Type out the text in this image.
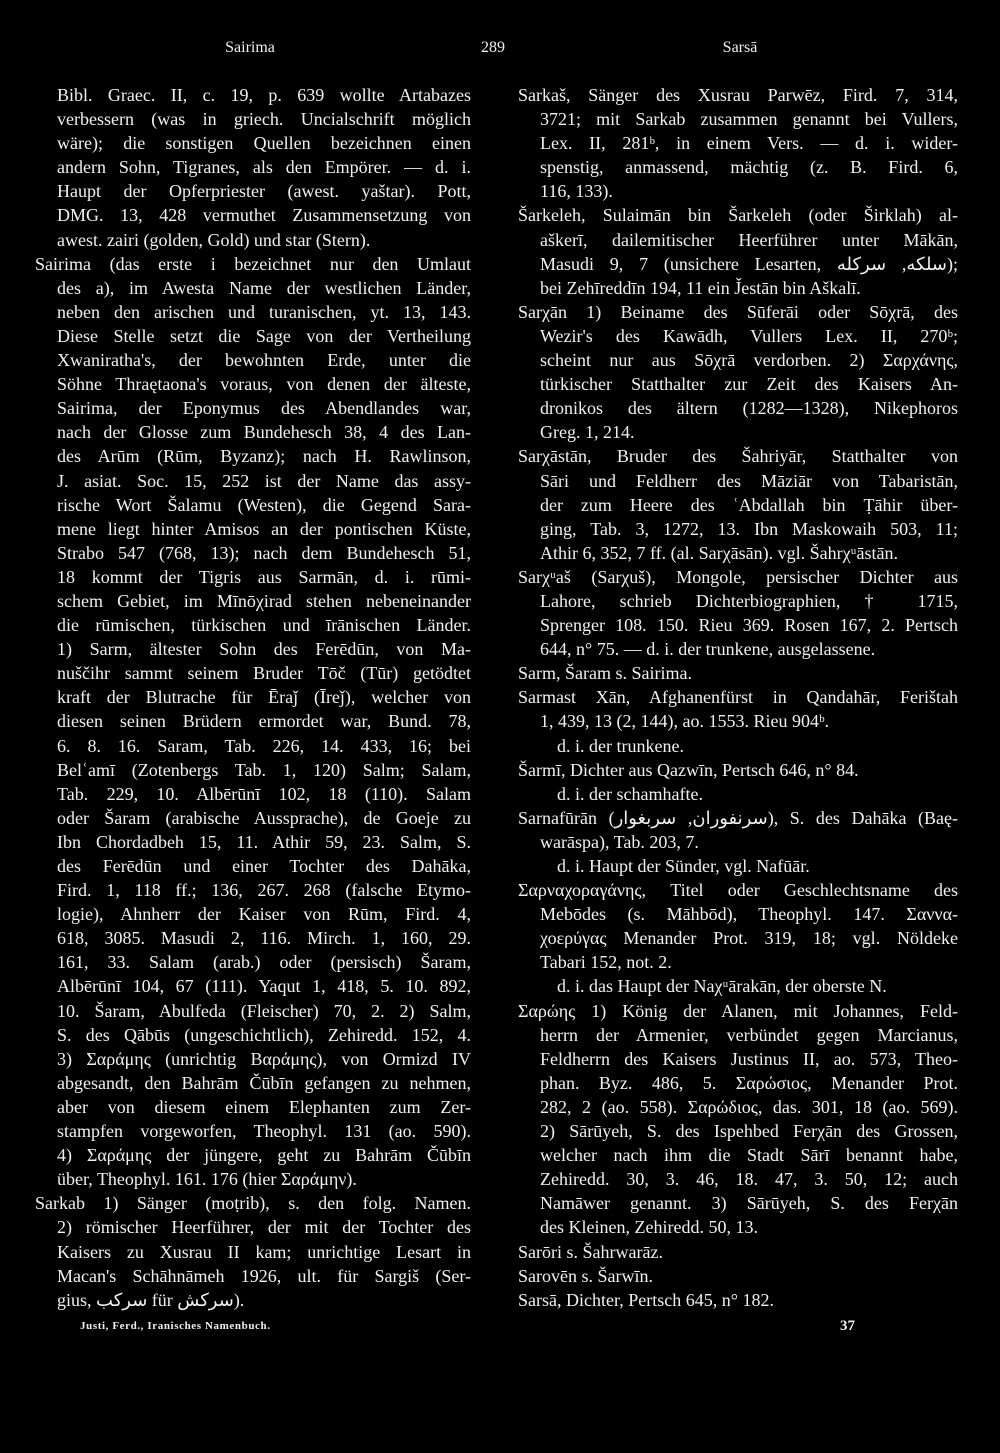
Sairima	289	Sarsā
Bibl. Graec. II, c. 19, p. 639 wollte Artabazes
verbessern (was in griech. Uncialschrift möglich
wäre); die sonstigen Quellen bezeichnen einen
andern Sohn, Tigranes, als den Empörer. — d. i.
Haupt der Opferpriester (awest. yaštar). Pott,
DMG. 13, 428 vermuthet Zusammensetzung von
awest. zairi (golden, Gold) und star (Stern).
Sairima (das erste i bezeichnet nur den Umlaut
des a), im Awesta Name der westlichen Länder,
neben den arischen und turanischen, yt. 13, 143.
Diese Stelle setzt die Sage von der Vertheilung
Xwaniratha's, der bewohnten Erde, unter die
Söhne Thraętaona's voraus, von denen der älteste,
Sairima, der Eponymus des Abendlandes war,
nach der Glosse zum Bundehesch 38, 4 des Lan-
des Arūm (Rūm, Byzanz); nach H. Rawlinson,
J. asiat. Soc. 15, 252 ist der Name das assy-
rische Wort Šalamu (Westen), die Gegend Sara-
mene liegt hinter Amisos an der pontischen Küste,
Strabo 547 (768, 13); nach dem Bundehesch 51,
18 kommt der Tigris aus Sarmān, d. i. rūmi-
schem Gebiet, im Mīnōχirad stehen nebeneinander
die rūmischen, türkischen und īrānischen Länder.
1) Sarm, ältester Sohn des Ferēdūn, von Ma-
nuščihr sammt seinem Bruder Tōč (Tūr) getödtet
kraft der Blutrache für Ēraǰ (Īreǰ), welcher von
diesen seinen Brüdern ermordet war, Bund. 78,
6. 8. 16. Saram, Tab. 226, 14. 433, 16; bei
Belʿamī (Zotenbergs Tab. 1, 120) Salm; Salam,
Tab. 229, 10. Albērūnī 102, 18 (110). Salam
oder Šaram (arabische Aussprache), de Goeje zu
Ibn Chordadbeh 15, 11. Athir 59, 23. Salm, S.
des Ferēdūn und einer Tochter des Dahāka,
Fird. 1, 118 ff.; 136, 267. 268 (falsche Etymo-
logie), Ahnherr der Kaiser von Rūm, Fird. 4,
618, 3085. Masudi 2, 116. Mirch. 1, 160, 29.
161, 33. Salam (arab.) oder (persisch) Šaram,
Albērūnī 104, 67 (111). Yaqut 1, 418, 5. 10. 892,
10. Šaram, Abulfeda (Fleischer) 70, 2. 2) Salm,
S. des Qābūs (ungeschichtlich), Zehiredd. 152, 4.
3) Σαράμης (unrichtig Βαράμης), von Ormizd IV
abgesandt, den Bahrām Čūbīn gefangen zu nehmen,
aber von diesem einem Elephanten zum Zer-
stampfen vorgeworfen, Theophyl. 131 (ao. 590).
4) Σαράμης der jüngere, geht zu Bahrām Čūbīn
über, Theophyl. 161. 176 (hier Σαράμην).
Sarkab 1) Sänger (moṭrib), s. den folg. Namen.
2) römischer Heerführer, der mit der Tochter des
Kaisers zu Xusrau II kam; unrichtige Lesart in
Macan's Schāhnāmeh 1926, ult. für Sargiš (Ser-
gius, سرکب für سرکش).
Sarkaš, Sänger des Xusrau Parwēz, Fird. 7, 314,
3721; mit Sarkab zusammen genannt bei Vullers,
Lex. II, 281ᵇ, in einem Vers. — d. i. wider-
spenstig, anmassend, mächtig (z. B. Fird. 6,
116, 133).
Šarkeleh, Sulaimān bin Šarkeleh (oder Širklah) al-
aškerī, dailemitischer Heerführer unter Mākān,
Masudi 9, 7 (unsichere Lesarten, سلکه, سرکله);
bei Zehīreddīn 194, 11 ein J̌estān bin Aškalī.
Sarχān 1) Beiname des Sūferāi oder Sōχrā, des
Wezir's des Kawādh, Vullers Lex. II, 270ᵇ;
scheint nur aus Sōχrā verdorben. 2) Σαρχάνης,
türkischer Statthalter zur Zeit des Kaisers An-
dronikos des ältern (1282—1328), Nikephoros
Greg. 1, 214.
Sarχāstān, Bruder des Šahriyār, Statthalter von
Sāri und Feldherr des Māziār von Tabaristān,
der zum Heere des ʿAbdallah bin Ṭāhir über-
ging, Tab. 3, 1272, 13. Ibn Maskowaih 503, 11;
Athir 6, 352, 7 ff. (al. Sarχāsān). vgl. Šahrχᵘāstān.
Sarχᵘaš (Sarχuš), Mongole, persischer Dichter aus
Lahore, schrieb Dichterbiographien, † 1715,
Sprenger 108. 150. Rieu 369. Rosen 167, 2. Pertsch
644, n° 75. — d. i. der trunkene, ausgelassene.
Sarm, Šaram s. Sairima.
Sarmast Xān, Afghanenfürst in Qandahār, Ferištah
1, 439, 13 (2, 144), ao. 1553. Rieu 904ᵇ.
d. i. der trunkene.
Šarmī, Dichter aus Qazwīn, Pertsch 646, n° 84.
d. i. der schamhafte.
Sarnafūrān (سرنفوران, سربغوار), S. des Dahāka (Baę-
warāspa), Tab. 203, 7.
d. i. Haupt der Sünder, vgl. Nafūār.
Σαρναχοραγάνης, Titel oder Geschlechtsname des
Mebōdes (s. Māhbōd), Theophyl. 147. Σαννα-
χοερύγας Menander Prot. 319, 18; vgl. Nöldeke
Tabari 152, not. 2.
d. i. das Haupt der Naχᵘārakān, der oberste N.
Σαρώης 1) König der Alanen, mit Johannes, Feld-
herrn der Armenier, verbündet gegen Marcianus,
Feldherrn des Kaisers Justinus II, ao. 573, Theo-
phan. Byz. 486, 5. Σαρώσιος, Menander Prot.
282, 2 (ao. 558). Σαρώδιος, das. 301, 18 (ao. 569).
2) Sārūyeh, S. des Ispehbed Ferχān des Grossen,
welcher nach ihm die Stadt Sārī benannt habe,
Zehiredd. 30, 3. 46, 18. 47, 3. 50, 12; auch
Namāwer genannt. 3) Sārūyeh, S. des Ferχān
des Kleinen, Zehiredd. 50, 13.
Sarōri s. Šahrwarāz.
Sarovēn s. Šarwīn.
Sarsā, Dichter, Pertsch 645, n° 182.
Justi, Ferd., Iranisches Namenbuch.	37
